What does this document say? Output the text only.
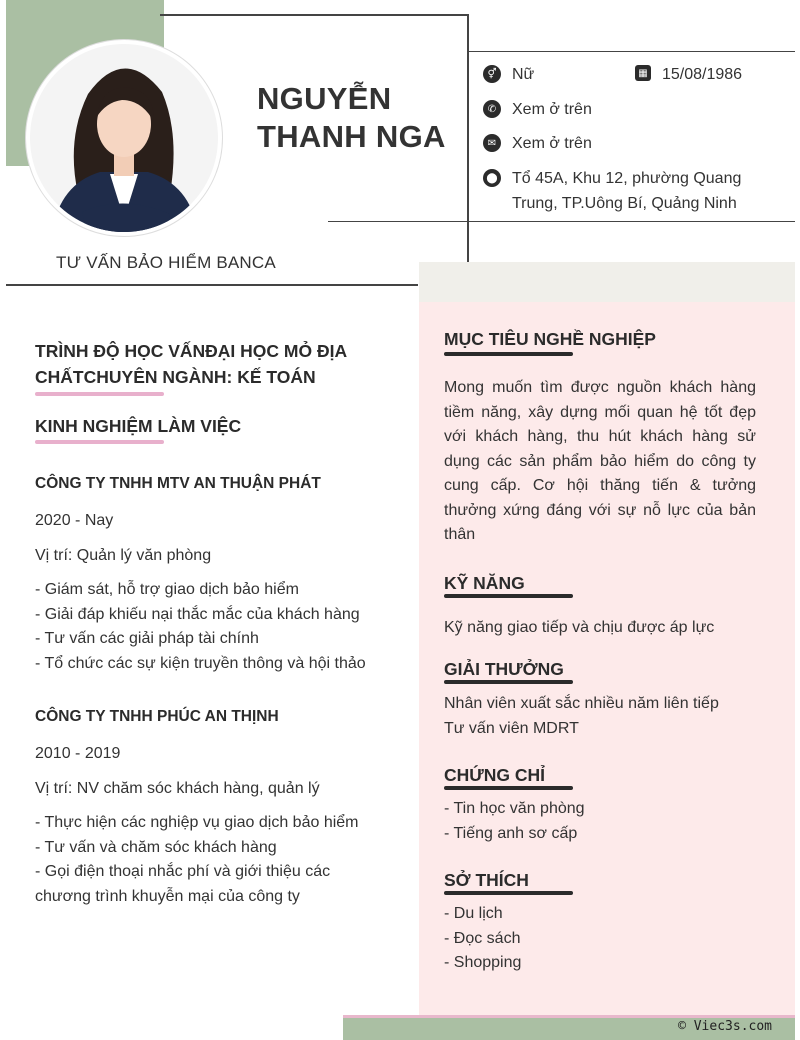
NGUYỄN
THANH NGA
TƯ VẤN BẢO HIỂM BANCA
⚥ Nữ	▦ 15/08/1986
✆ Xem ở trên
✉ Xem ở trên
⬤ Tổ 45A, Khu 12, phường Quang
Trung, TP.Uông Bí, Quảng Ninh
TRÌNH ĐỘ HỌC VẤNĐẠI HỌC MỎ ĐỊA
CHẤTCHUYÊN NGÀNH: KẾ TOÁN
KINH NGHIỆM LÀM VIỆC
CÔNG TY TNHH MTV AN THUẬN PHÁT
2020 - Nay
Vị trí: Quản lý văn phòng
- Giám sát, hỗ trợ giao dịch bảo hiểm
- Giải đáp khiếu nại thắc mắc của khách hàng
- Tư vấn các giải pháp tài chính
- Tổ chức các sự kiện truyền thông và hội thảo
CÔNG TY TNHH PHÚC AN THỊNH
2010 - 2019
Vị trí: NV chăm sóc khách hàng, quản lý
- Thực hiện các nghiệp vụ giao dịch bảo hiểm
- Tư vấn và chăm sóc khách hàng
- Gọi điện thoại nhắc phí và giới thiệu các
chương trình khuyễn mại của công ty
MỤC TIÊU NGHỀ NGHIỆP
Mong muốn tìm được nguồn khách hàng tiềm năng, xây dựng mối quan hệ tốt đẹp với khách hàng, thu hút khách hàng sử dụng các sản phẩm bảo hiểm do công ty cung cấp. Cơ hội thăng tiến & tưởng thưởng xứng đáng với sự nỗ lực của bản thân
KỸ NĂNG
Kỹ năng giao tiếp và chịu được áp lực
GIẢI THƯỞNG
Nhân viên xuất sắc nhiều năm liên tiếp
Tư vấn viên MDRT
CHỨNG CHỈ
- Tin học văn phòng
- Tiếng anh sơ cấp
SỞ THÍCH
- Du lịch
- Đọc sách
- Shopping
© Viec3s.com
